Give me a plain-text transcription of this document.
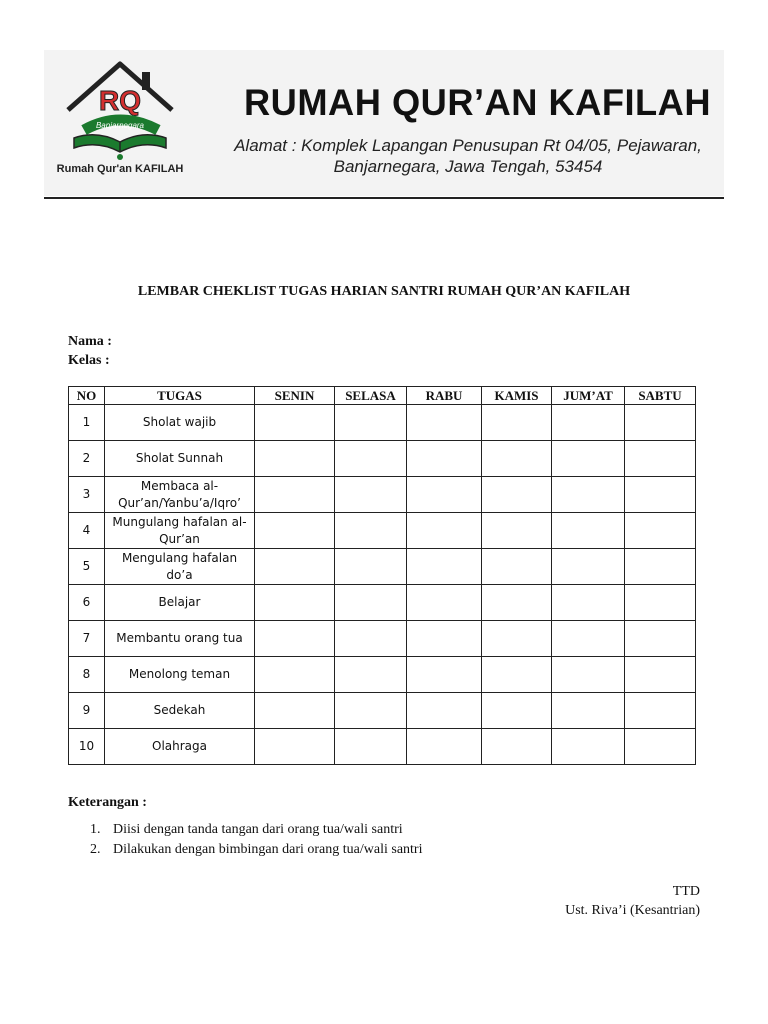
RQ
Banjarnegara
Rumah Qur'an KAFILAH
RUMAH QUR’AN KAFILAH
Alamat : Komplek Lapangan Penusupan Rt 04/05, Pejawaran,
Banjarnegara, Jawa Tengah, 53454
LEMBAR CHEKLIST TUGAS HARIAN SANTRI RUMAH QUR’AN KAFILAH
Nama :
Kelas :
NO	TUGAS	SENIN	SELASA	RABU	KAMIS	JUM’AT	SABTU
1	Sholat wajib						
2	Sholat Sunnah						
3	Membaca al-Qur’an/Yanbu’a/Iqro’						
4	Mungulang hafalan al-Qur’an						
5	Mengulang hafalan do’a						
6	Belajar						
7	Membantu orang tua						
8	Menolong teman						
9	Sedekah						
10	Olahraga						
Keterangan :
1. Diisi dengan tanda tangan dari orang tua/wali santri
2. Dilakukan dengan bimbingan dari orang tua/wali santri
TTD
Ust. Riva’i (Kesantrian)
